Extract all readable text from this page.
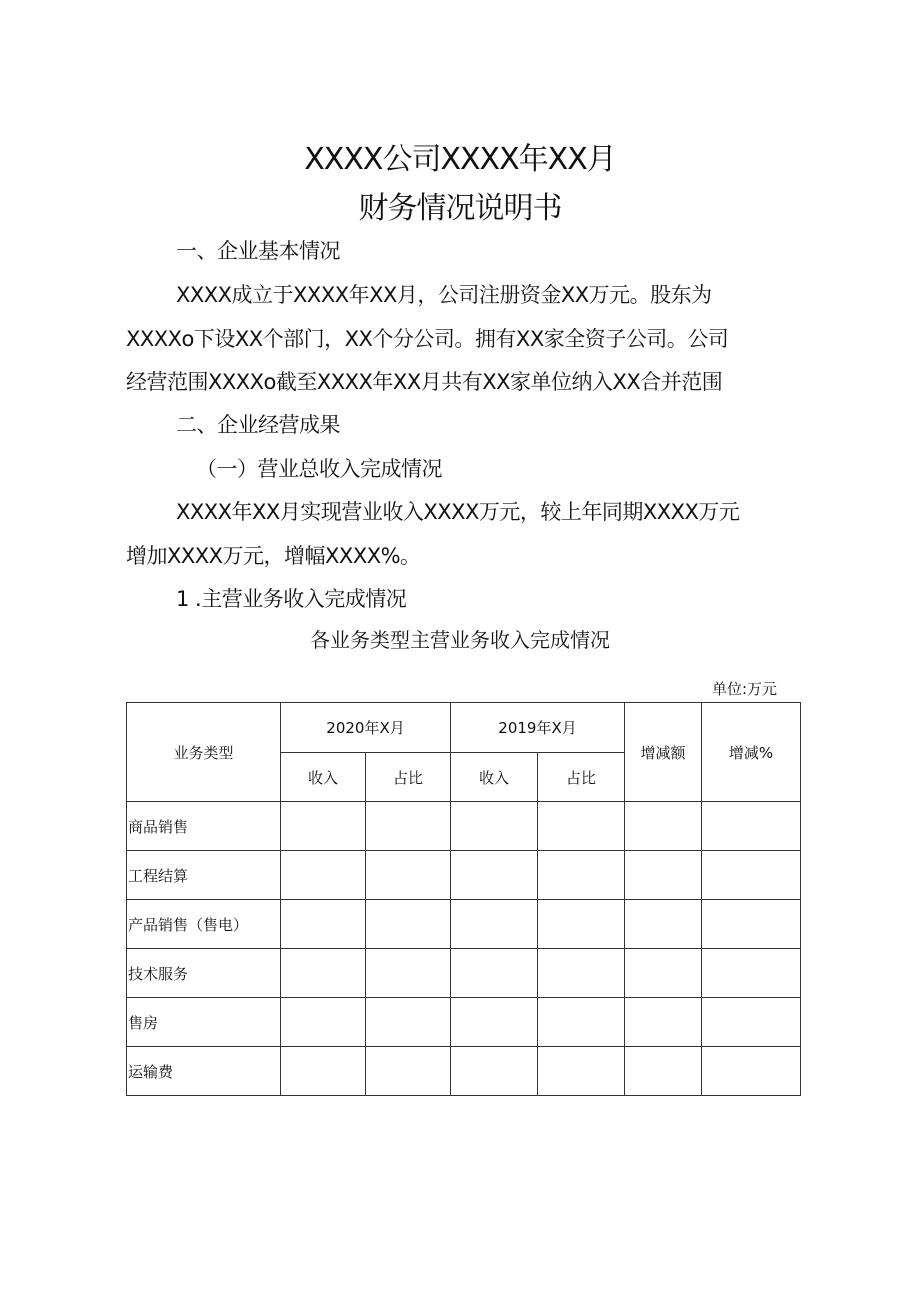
XXXX公司XXXX年XX月
财务情况说明书
一、企业基本情况
XXXX成立于XXXX年XX月，公司注册资金XX万元。股东为
XXXXo下设XX个部门，XX个分公司。拥有XX家全资子公司。公司
经营范围XXXXo截至XXXX年XX月共有XX家单位纳入XX合并范围
二、企业经营成果
（一）营业总收入完成情况
XXXX年XX月实现营业收入XXXX万元，较上年同期XXXX万元
增加XXXX万元，增幅XXXX%。
1 .主营业务收入完成情况
各业务类型主营业务收入完成情况
单位:万元
业务类型	2020年X月		2019年X月		增减额	增减%
	收入	占比	收入	占比		
商品销售						
工程结算						
产品销售（售电）						
技术服务						
售房						
运输费						
